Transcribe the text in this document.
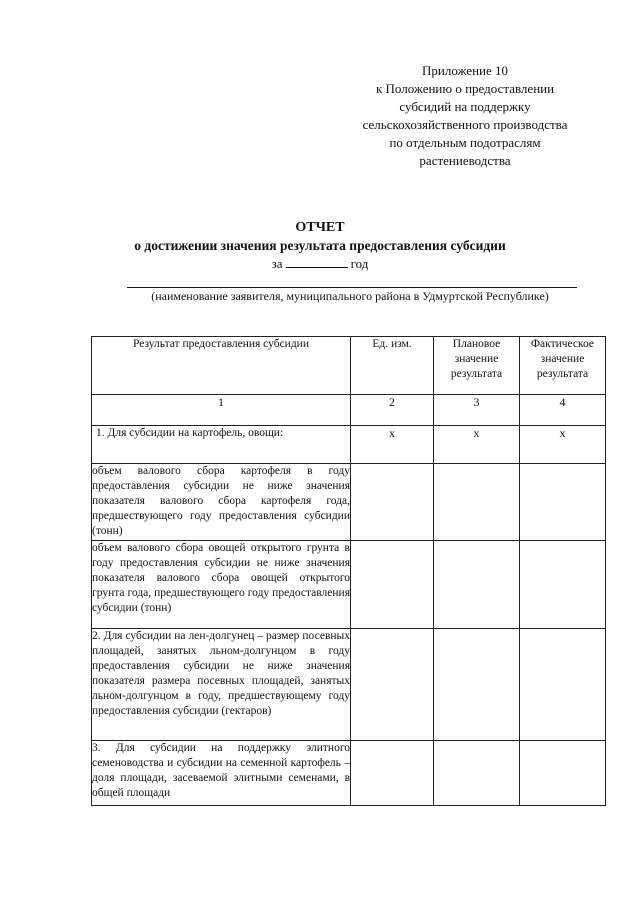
Приложение 10
к Положению о предоставлении
субсидий на поддержку
сельскохозяйственного производства
по отдельным подотраслям
растениеводства
ОТЧЕТ
о достижении значения результата предоставления субсидии
за	год
(наименование заявителя, муниципального района в Удмуртской Республике)
Результат предоставления субсидии	Ед. изм.	Плановое значение результата	Фактическое значение результата

1	2	3	4
1. Для субсидии на картофель, овощи:	х	х	х
объем валового сбора картофеля в году предоставления субсидии не ниже значения показателя валового сбора картофеля года, предшествующего году предоставления субсидии (тонн)			
объем валового сбора овощей открытого грунта в году предоставления субсидии не ниже значения показателя валового сбора овощей открытого грунта года, предшествующего году предоставления субсидии (тонн)			
2. Для субсидии на лен-долгунец – размер посевных площадей, занятых льном-долгунцом в году предоставления субсидии не ниже значения показателя размера посевных площадей, занятых льном-долгунцом в году, предшествующему году предоставления субсидии (гектаров)			
3. Для субсидии на поддержку элитного семеноводства и субсидии на семенной картофель – доля площади, засеваемой элитными семенами, в общей площади			
